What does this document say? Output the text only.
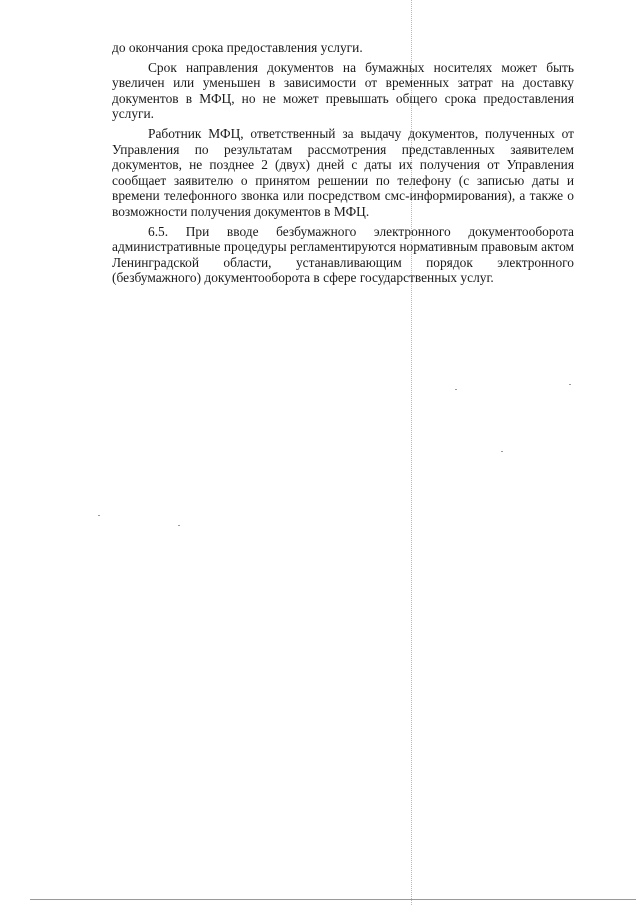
до окончания срока предоставления услуги.

Срок направления документов на бумажных носителях может быть увеличен или уменьшен в зависимости от временных затрат на доставку документов в МФЦ, но не может превышать общего срока предоставления услуги.

Работник МФЦ, ответственный за выдачу документов, полученных от Управления по результатам рассмотрения представленных заявителем документов, не позднее 2 (двух) дней с даты их получения от Управления сообщает заявителю о принятом решении по телефону (с записью даты и времени телефонного звонка или посредством смс-информирования), а также о возможности получения документов в МФЦ.

6.5. При вводе безбумажного электронного документооборота административные процедуры регламентируются нормативным правовым актом Ленинградской области, устанавливающим порядок электронного (безбумажного) документооборота в сфере государственных услуг.
